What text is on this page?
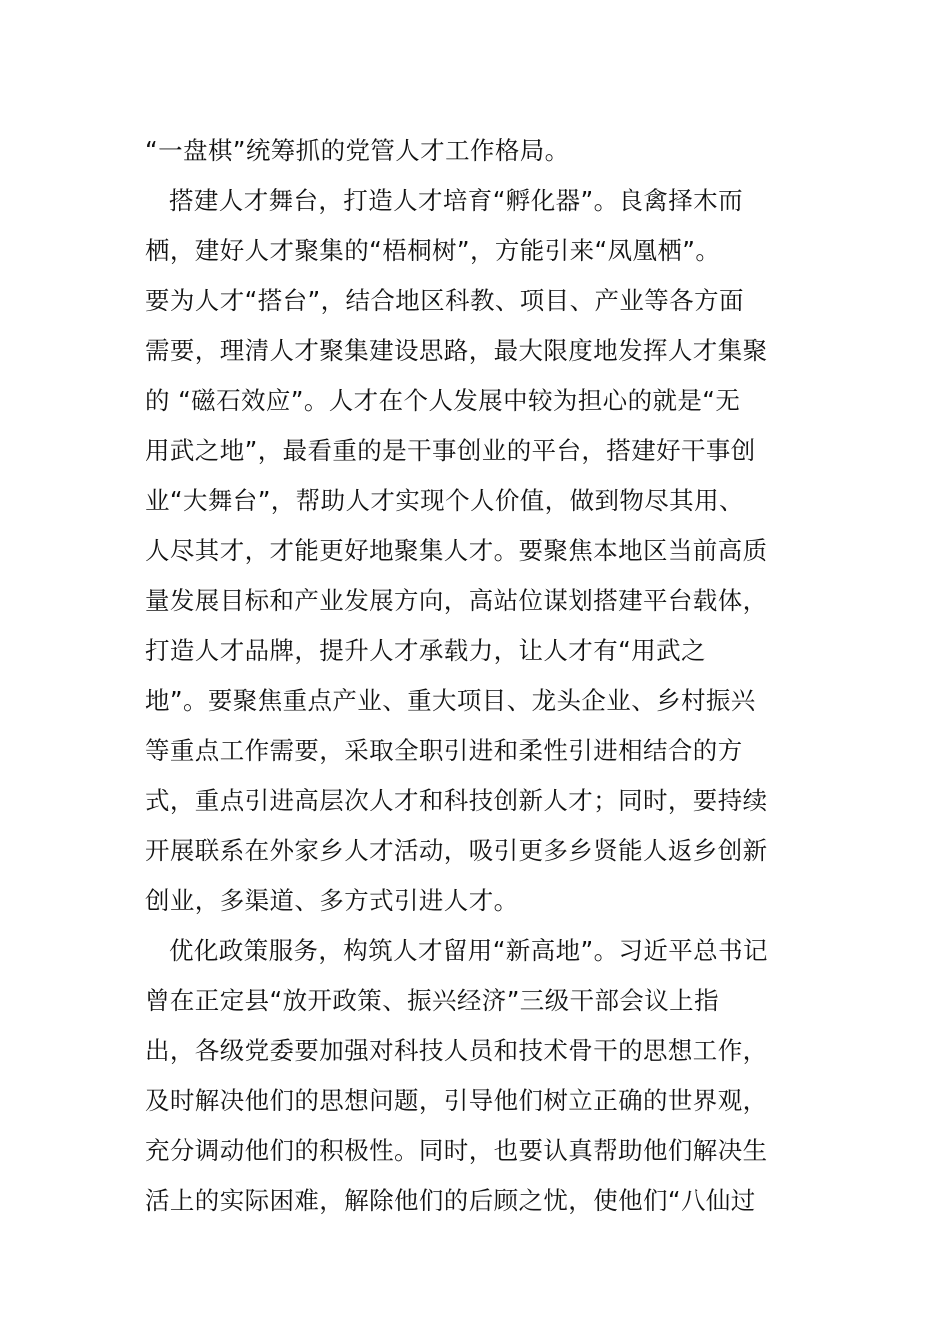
“一盘棋”统筹抓的党管人才工作格局。
搭建人才舞台，打造人才培育“孵化器”。良禽择木而
栖，建好人才聚集的“梧桐树”，方能引来“凤凰栖”。
要为人才“搭台”，结合地区科教、项目、产业等各方面
需要，理清人才聚集建设思路，最大限度地发挥人才集聚
的 “磁石效应”。人才在个人发展中较为担心的就是“无
用武之地”，最看重的是干事创业的平台，搭建好干事创
业“大舞台”，帮助人才实现个人价值，做到物尽其用、
人尽其才，才能更好地聚集人才。要聚焦本地区当前高质
量发展目标和产业发展方向，高站位谋划搭建平台载体，
打造人才品牌，提升人才承载力，让人才有“用武之
地”。要聚焦重点产业、重大项目、龙头企业、乡村振兴
等重点工作需要，采取全职引进和柔性引进相结合的方
式，重点引进高层次人才和科技创新人才；同时，要持续
开展联系在外家乡人才活动，吸引更多乡贤能人返乡创新
创业，多渠道、多方式引进人才。
优化政策服务，构筑人才留用“新高地”。习近平总书记
曾在正定县“放开政策、振兴经济”三级干部会议上指
出，各级党委要加强对科技人员和技术骨干的思想工作，
及时解决他们的思想问题，引导他们树立正确的世界观，
充分调动他们的积极性。同时，也要认真帮助他们解决生
活上的实际困难，解除他们的后顾之忧，使他们“八仙过
